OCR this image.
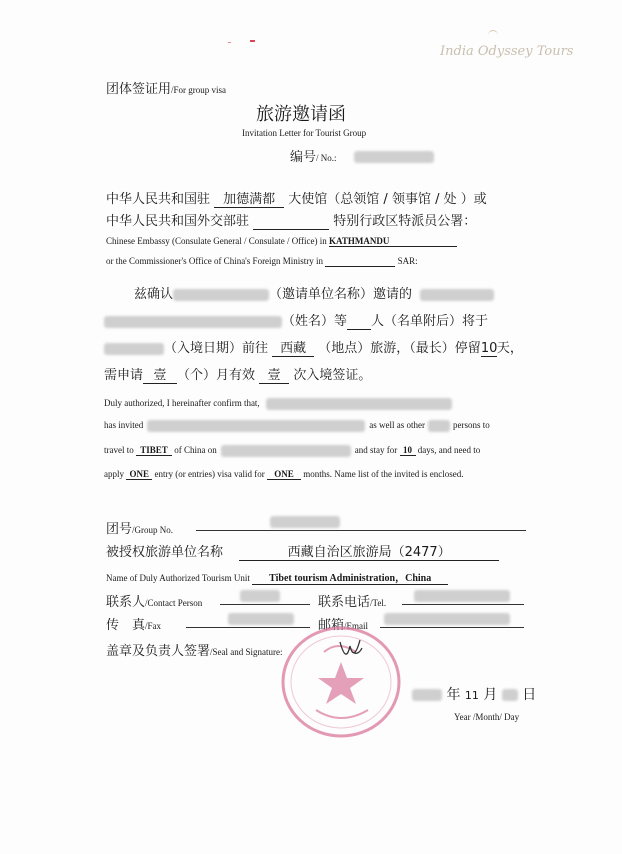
India Odyssey Tours
团体签证用/For group visa
旅游邀请函
Invitation Letter for Tourist Group
编号/ No.:
中华人民共和国驻 加德满都 大使馆（总领馆 / 领事馆 / 处 ）或
中华人民共和国外交部驻	特别行政区特派员公署：
Chinese Embassy (Consulate General / Consulate / Office) in KATHMANDU
or the Commissioner's Office of China's Foreign Ministry in	SAR:
兹确认	（邀请单位名称）邀请的
（姓名）等 人（名单附后）将于
（入境日期）前往 西藏 （地点）旅游，（最长）停留10天，
需申请 壹 （个）月有效 壹 次入境签证。
Duly authorized, I hereinafter confirm that,
has invited	as well as other	persons to
travel to TIBET of China on	and stay for 10 days, and need to
apply ONE entry (or entries) visa valid for ONE months. Name list of the invited is enclosed.
团号/Group No.
被授权旅游单位名称	西藏自治区旅游局（2477）
Name of Duly Authorized Tourism Unit Tibet tourism Administration，China
联系人/Contact Person	联系电话/Tel.
传　真/Fax	邮箱/Email
盖章及负责人签署/Seal and Signature:
年 11 月 日
Year /Month/ Day
